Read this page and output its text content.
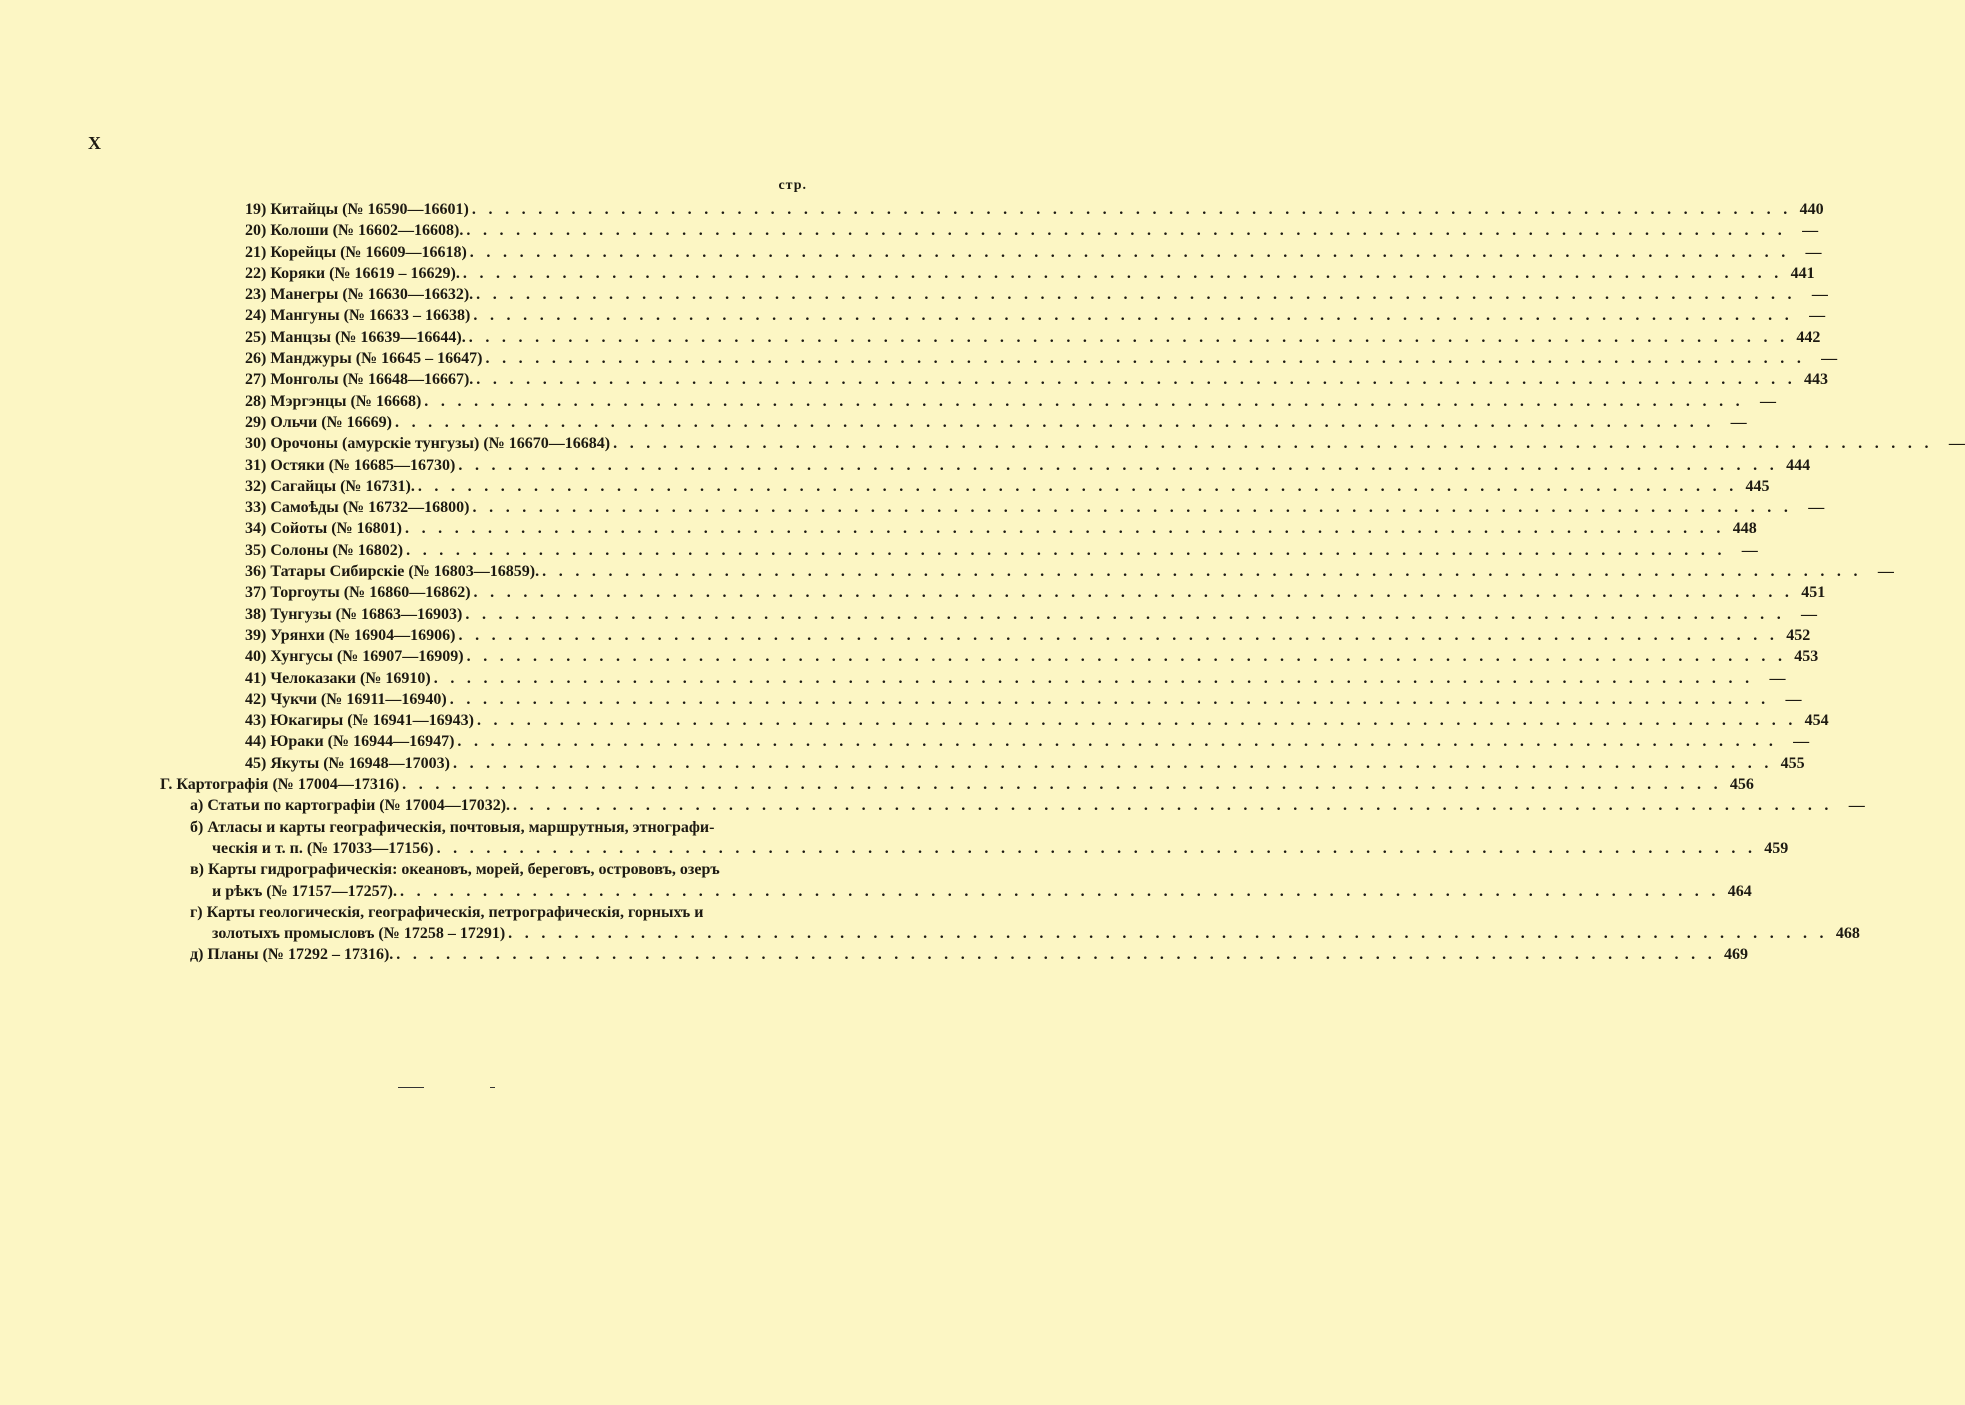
X
стр.
19) Китайцы (№ 16590—16601) . . . . . . . . . . . . . . . . . . . . . . . . . . . . . . . . . . . . . . . . . . . . . . . . . . . . . . . . . . . . . . . . . . . . . . . . . . . . . . . . 440
20) Колоши (№ 16602—16608). . . . . . . . . . . . . . . . . . . . . . . . . . . . . . . . . . . . . . . . . . . . . . . . . . . . . . . . . . . . . . . . . . . . . . . . . . . . . . . . .	—
21) Корейцы (№ 16609—16618) . . . . . . . . . . . . . . . . . . . . . . . . . . . . . . . . . . . . . . . . . . . . . . . . . . . . . . . . . . . . . . . . . . . . . . . . . . . . . . . .	—
22) Коряки (№ 16619 – 16629). . . . . . . . . . . . . . . . . . . . . . . . . . . . . . . . . . . . . . . . . . . . . . . . . . . . . . . . . . . . . . . . . . . . . . . . . . . . . . . . . 441
23) Манегры (№ 16630—16632). . . . . . . . . . . . . . . . . . . . . . . . . . . . . . . . . . . . . . . . . . . . . . . . . . . . . . . . . . . . . . . . . . . . . . . . . . . . . . . . .	—
24) Мангуны (№ 16633 – 16638) . . . . . . . . . . . . . . . . . . . . . . . . . . . . . . . . . . . . . . . . . . . . . . . . . . . . . . . . . . . . . . . . . . . . . . . . . . . . . . . .	—
25) Манцзы (№ 16639—16644). . . . . . . . . . . . . . . . . . . . . . . . . . . . . . . . . . . . . . . . . . . . . . . . . . . . . . . . . . . . . . . . . . . . . . . . . . . . . . . . . 442
26) Манджуры (№ 16645 – 16647) . . . . . . . . . . . . . . . . . . . . . . . . . . . . . . . . . . . . . . . . . . . . . . . . . . . . . . . . . . . . . . . . . . . . . . . . . . . . . . . .	—
27) Монголы (№ 16648—16667). . . . . . . . . . . . . . . . . . . . . . . . . . . . . . . . . . . . . . . . . . . . . . . . . . . . . . . . . . . . . . . . . . . . . . . . . . . . . . . . . 443
28) Мэргэнцы (№ 16668) . . . . . . . . . . . . . . . . . . . . . . . . . . . . . . . . . . . . . . . . . . . . . . . . . . . . . . . . . . . . . . . . . . . . . . . . . . . . . . . .	—
29) Ольчи (№ 16669) . . . . . . . . . . . . . . . . . . . . . . . . . . . . . . . . . . . . . . . . . . . . . . . . . . . . . . . . . . . . . . . . . . . . . . . . . . . . . . . .	—
30) Орочоны (амурскіе тунгузы) (№ 16670—16684) . . . . . . . . . . . . . . . . . . . . . . . . . . . . . . . . . . . . . . . . . . . . . . . . . . . . . . . . . . . . . . . . . . . . . . . . . . . . . . . .	—
31) Остяки (№ 16685—16730) . . . . . . . . . . . . . . . . . . . . . . . . . . . . . . . . . . . . . . . . . . . . . . . . . . . . . . . . . . . . . . . . . . . . . . . . . . . . . . . . 444
32) Сагайцы (№ 16731). . . . . . . . . . . . . . . . . . . . . . . . . . . . . . . . . . . . . . . . . . . . . . . . . . . . . . . . . . . . . . . . . . . . . . . . . . . . . . . . . 445
33) Самоѣды (№ 16732—16800) . . . . . . . . . . . . . . . . . . . . . . . . . . . . . . . . . . . . . . . . . . . . . . . . . . . . . . . . . . . . . . . . . . . . . . . . . . . . . . . .	—
34) Сойоты (№ 16801) . . . . . . . . . . . . . . . . . . . . . . . . . . . . . . . . . . . . . . . . . . . . . . . . . . . . . . . . . . . . . . . . . . . . . . . . . . . . . . . . 448
35) Солоны (№ 16802) . . . . . . . . . . . . . . . . . . . . . . . . . . . . . . . . . . . . . . . . . . . . . . . . . . . . . . . . . . . . . . . . . . . . . . . . . . . . . . . .	—
36) Татары Сибирскіе (№ 16803—16859). . . . . . . . . . . . . . . . . . . . . . . . . . . . . . . . . . . . . . . . . . . . . . . . . . . . . . . . . . . . . . . . . . . . . . . . . . . . . . . . .	—
37) Торгоуты (№ 16860—16862) . . . . . . . . . . . . . . . . . . . . . . . . . . . . . . . . . . . . . . . . . . . . . . . . . . . . . . . . . . . . . . . . . . . . . . . . . . . . . . . . 451
38) Тунгузы (№ 16863—16903) . . . . . . . . . . . . . . . . . . . . . . . . . . . . . . . . . . . . . . . . . . . . . . . . . . . . . . . . . . . . . . . . . . . . . . . . . . . . . . . .	—
39) Урянхи (№ 16904—16906) . . . . . . . . . . . . . . . . . . . . . . . . . . . . . . . . . . . . . . . . . . . . . . . . . . . . . . . . . . . . . . . . . . . . . . . . . . . . . . . . 452
40) Хунгусы (№ 16907—16909) . . . . . . . . . . . . . . . . . . . . . . . . . . . . . . . . . . . . . . . . . . . . . . . . . . . . . . . . . . . . . . . . . . . . . . . . . . . . . . . . 453
41) Челоказаки (№ 16910) . . . . . . . . . . . . . . . . . . . . . . . . . . . . . . . . . . . . . . . . . . . . . . . . . . . . . . . . . . . . . . . . . . . . . . . . . . . . . . . .	—
42) Чукчи (№ 16911—16940) . . . . . . . . . . . . . . . . . . . . . . . . . . . . . . . . . . . . . . . . . . . . . . . . . . . . . . . . . . . . . . . . . . . . . . . . . . . . . . . .	—
43) Юкагиры (№ 16941—16943) . . . . . . . . . . . . . . . . . . . . . . . . . . . . . . . . . . . . . . . . . . . . . . . . . . . . . . . . . . . . . . . . . . . . . . . . . . . . . . . . 454
44) Юраки (№ 16944—16947) . . . . . . . . . . . . . . . . . . . . . . . . . . . . . . . . . . . . . . . . . . . . . . . . . . . . . . . . . . . . . . . . . . . . . . . . . . . . . . . .	—
45) Якуты (№ 16948—17003) . . . . . . . . . . . . . . . . . . . . . . . . . . . . . . . . . . . . . . . . . . . . . . . . . . . . . . . . . . . . . . . . . . . . . . . . . . . . . . . . 455
Г. Картографія (№ 17004—17316) . . . . . . . . . . . . . . . . . . . . . . . . . . . . . . . . . . . . . . . . . . . . . . . . . . . . . . . . . . . . . . . . . . . . . . . . . . . . . . . . 456
а) Статьи по картографіи (№ 17004—17032). . . . . . . . . . . . . . . . . . . . . . . . . . . . . . . . . . . . . . . . . . . . . . . . . . . . . . . . . . . . . . . . . . . . . . . . . . . . . . . . .	—
б) Атласы и карты географическія, почтовыя, маршрутныя, этнографи-
ческія и т. п. (№ 17033—17156) . . . . . . . . . . . . . . . . . . . . . . . . . . . . . . . . . . . . . . . . . . . . . . . . . . . . . . . . . . . . . . . . . . . . . . . . . . . . . . . . 459
в) Карты гидрографическія: океановъ, морей, береговъ, острововъ, озеръ
и рѣкъ (№ 17157—17257). . . . . . . . . . . . . . . . . . . . . . . . . . . . . . . . . . . . . . . . . . . . . . . . . . . . . . . . . . . . . . . . . . . . . . . . . . . . . . . . . 464
г) Карты геологическія, географическія, петрографическія, горныхъ и
золотыхъ промысловъ (№ 17258 – 17291) . . . . . . . . . . . . . . . . . . . . . . . . . . . . . . . . . . . . . . . . . . . . . . . . . . . . . . . . . . . . . . . . . . . . . . . . . . . . . . . . 468
д) Планы (№ 17292 – 17316). . . . . . . . . . . . . . . . . . . . . . . . . . . . . . . . . . . . . . . . . . . . . . . . . . . . . . . . . . . . . . . . . . . . . . . . . . . . . . . . . 469
